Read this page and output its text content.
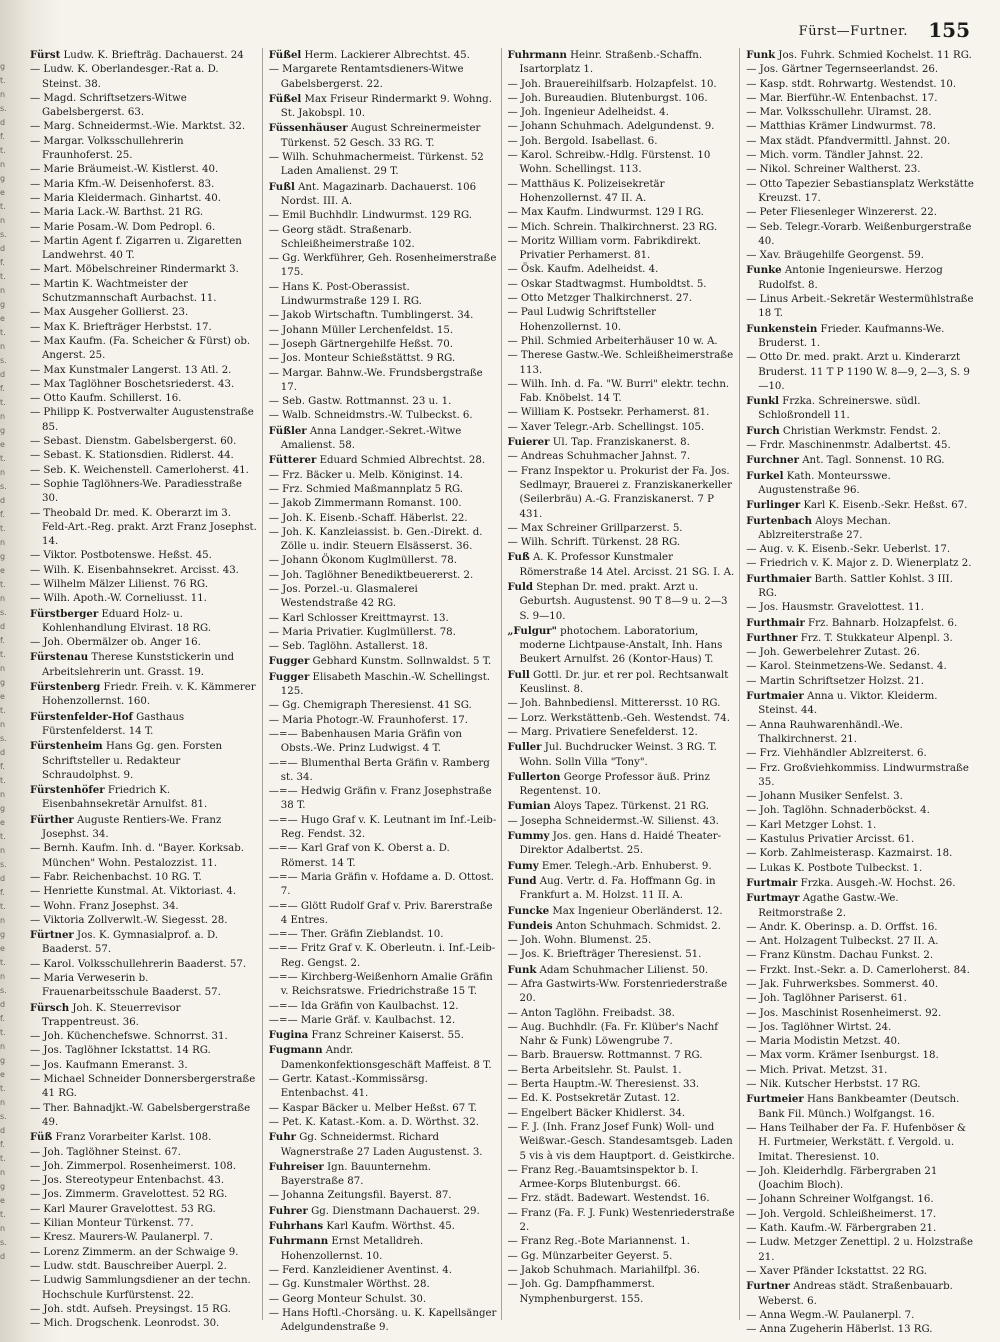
g
t.
n
s.
d
f.
t.
n
g
e
t.
n
s.
d
f.
t.
n
g
e
t.
n
s.
d
f.
t.
n
g
e
t.
n
s.
d
f.
t.
n
g
e
t.
n
s.
d
f.
t.
n
g
e
t.
n
s.
d
f.
t.
n
g
e
t.
n
s.
d
f.
t.
n
g
e
t.
n
s.
d
f.
t.
n
g
e
t.
n
s.
d
f.
t.
n
g
e
t.
n
s.
d
Fürst—Furtner. 155

Fürst Ludw. K. Briefträg. Dachauerst. 24

— Ludw. K. Oberlandesger.-Rat a. D. Steinst. 38.

— Magd. Schriftsetzers-Witwe Gabelsbergerst. 63.

— Marg. Schneidermst.-Wie. Marktst. 32.

— Margar. Volksschullehrerin Fraunhoferst. 25.

— Marie Bräumeist.-W. Kistlerst. 40.

— Maria Kfm.-W. Deisenhoferst. 83.

— Maria Kleidermach. Ginhartst. 40.

— Maria Lack.-W. Barthst. 21 RG.

— Marie Posam.-W. Dom Pedropl. 6.

— Martin Agent f. Zigarren u. Zigaretten Landwehrst. 40 T.

— Mart. Möbelschreiner Rindermarkt 3.

— Martin K. Wachtmeister der Schutzmannschaft Aurbachst. 11.

— Max Ausgeher Gollierst. 23.

— Max K. Briefträger Herbstst. 17.

— Max Kaufm. (Fa. Scheicher & Fürst) ob. Angerst. 25.

— Max Kunstmaler Langerst. 13 Atl. 2.

— Max Taglöhner Boschetsriederst. 43.

— Otto Kaufm. Schillerst. 16.

— Philipp K. Postverwalter Augustenstraße 85.

— Sebast. Dienstm. Gabelsbergerst. 60.

— Sebast. K. Stationsdien. Ridlerst. 44.

— Seb. K. Weichenstell. Camerloherst. 41.

— Sophie Taglöhners-We. Paradiesstraße 30.

— Theobald Dr. med. K. Oberarzt im 3. Feld-Art.-Reg. prakt. Arzt Franz Josephst. 14.

— Viktor. Postbotenswe. Heßst. 45.

— Wilh. K. Eisenbahnsekret. Arcisst. 43.

— Wilhelm Mälzer Lilienst. 76 RG.

— Wilh. Apoth.-W. Corneliusst. 11.

Fürstberger Eduard Holz- u. Kohlenhandlung Elvirast. 18 RG.

— Joh. Obermälzer ob. Anger 16.

Fürstenau Therese Kunststickerin und Arbeitslehrerin unt. Grasst. 19.

Fürstenberg Friedr. Freih. v. K. Kämmerer Hohenzollernst. 160.

Fürstenfelder-Hof Gasthaus Fürstenfelderst. 14 T.

Fürstenheim Hans Gg. gen. Forsten Schriftsteller u. Redakteur Schraudolphst. 9.

Fürstenhöfer Friedrich K. Eisenbahnsekretär Arnulfst. 81.

Fürther Auguste Rentiers-We. Franz Josephst. 34.

— Bernh. Kaufm. Inh. d. "Bayer. Korksab. München" Wohn. Pestalozzist. 11.

— Fabr. Reichenbachst. 10 RG. T.

— Henriette Kunstmal. At. Viktoriast. 4.

— Wohn. Franz Josephst. 34.

— Viktoria Zollverwlt.-W. Siegesst. 28.

Fürtner Jos. K. Gymnasialprof. a. D. Baaderst. 57.

— Karol. Volksschullehrerin Baaderst. 57.

— Maria Verweserin b. Frauenarbeitsschule Baaderst. 57.

Fürsch Joh. K. Steuerrevisor Trappentreust. 36.

— Joh. Küchenchefswe. Schnorrst. 31.

— Jos. Taglöhner Ickstattst. 14 RG.

— Jos. Kaufmann Emeranst. 3.

— Michael Schneider Donnersbergerstraße 41 RG.

— Ther. Bahnadjkt.-W. Gabelsbergerstraße 49.

Füß Franz Vorarbeiter Karlst. 108.

— Joh. Taglöhner Steinst. 67.

— Joh. Zimmerpol. Rosenheimerst. 108.

— Jos. Stereotypeur Entenbachst. 43.

— Jos. Zimmerm. Gravelottest. 52 RG.

— Karl Maurer Gravelottest. 53 RG.

— Kilian Monteur Türkenst. 77.

— Kresz. Maurers-W. Paulanerpl. 7.

— Lorenz Zimmerm. an der Schwaige 9.

— Ludw. stdt. Bauschreiber Auerpl. 2.

— Ludwig Sammlungsdiener an der techn. Hochschule Kurfürstenst. 22.

— Joh. stdt. Aufseh. Preysingst. 15 RG.

— Mich. Drogschenk. Leonrodst. 30.

Füßel Herm. Lackierer Albrechtst. 45.

— Margarete Rentamtsdieners-Witwe Gabelsbergerst. 22.

Füßel Max Friseur Rindermarkt 9. Wohng. St. Jakobspl. 10.

Füssenhäuser August Schreinermeister Türkenst. 52 Gesch. 33 RG. T.

— Wilh. Schuhmachermeist. Türkenst. 52 Laden Amalienst. 29 T.

Fußl Ant. Magazinarb. Dachauerst. 106 Nordst. III. A.

— Emil Buchhdlr. Lindwurmst. 129 RG.

— Georg städt. Straßenarb. Schleißheimerstraße 102.

— Gg. Werkführer, Geh. Rosenheimerstraße 175.

— Hans K. Post-Oberassist. Lindwurmstraße 129 I. RG.

— Jakob Wirtschaftn. Tumblingerst. 34.

— Johann Müller Lerchenfeldst. 15.

— Joseph Gärtnergehilfe Heßst. 70.

— Jos. Monteur Schießstättst. 9 RG.

— Margar. Bahnw.-We. Frundsbergstraße 17.

— Seb. Gastw. Rottmannst. 23 u. 1.

— Walb. Schneidmstrs.-W. Tulbeckst. 6.

Füßler Anna Landger.-Sekret.-Witwe Amalienst. 58.

Fütterer Eduard Schmied Albrechtst. 28.

— Frz. Bäcker u. Melb. Königinst. 14.

— Frz. Schmied Maßmannplatz 5 RG.

— Jakob Zimmermann Romanst. 100.

— Joh. K. Eisenb.-Schaff. Häberlst. 22.

— Joh. K. Kanzleiassist. b. Gen.-Direkt. d. Zölle u. indir. Steuern Elsässerst. 36.

— Johann Ökonom Kuglmüllerst. 78.

— Joh. Taglöhner Benediktbeuererst. 2.

— Jos. Porzel.-u. Glasmalerei Westendstraße 42 RG.

— Karl Schlosser Kreittmayrst. 13.

— Maria Privatier. Kuglmüllerst. 78.

— Seb. Taglöhn. Astallerst. 18.

Fugger Gebhard Kunstm. Sollnwaldst. 5 T.

Fugger Elisabeth Maschin.-W. Schellingst. 125.

— Gg. Chemigraph Theresienst. 41 SG.

— Maria Photogr.-W. Fraunhoferst. 17.

—=— Babenhausen Maria Gräfin von Obsts.-We. Prinz Ludwigst. 4 T.

—=— Blumenthal Berta Gräfin v. Ramberg st. 34.

—=— Hedwig Gräfin v. Franz Josephstraße 38 T.

—=— Hugo Graf v. K. Leutnant im Inf.-Leib-Reg. Fendst. 32.

—=— Karl Graf von K. Oberst a. D. Römerst. 14 T.

—=— Maria Gräfin v. Hofdame a. D. Ottost. 7.

—=— Glött Rudolf Graf v. Priv. Barerstraße 4 Entres.

—=— Ther. Gräfin Zieblandst. 10.

—=— Fritz Graf v. K. Oberleutn. i. Inf.-Leib-Reg. Gengst. 2.

—=— Kirchberg-Weißenhorn Amalie Gräfin v. Reichsratswe. Friedrichstraße 15 T.

—=— Ida Gräfin von Kaulbachst. 12.

—=— Marie Gräf. v. Kaulbachst. 12.

Fugina Franz Schreiner Kaiserst. 55.

Fugmann Andr. Damenkonfektionsgeschäft Maffeist. 8 T.

— Gertr. Katast.-Kommissärsg. Entenbachst. 41.

— Kaspar Bäcker u. Melber Heßst. 67 T.

— Pet. K. Katast.-Kom. a. D. Wörthst. 32.

Fuhr Gg. Schneidermst. Richard Wagnerstraße 27 Laden Augustenst. 3.

Fuhreiser Ign. Bauunternehm. Bayerstraße 87.

— Johanna Zeitungsfil. Bayerst. 87.

Fuhrer Gg. Dienstmann Dachauerst. 29.

Fuhrhans Karl Kaufm. Wörthst. 45.

Fuhrmann Ernst Metalldreh. Hohenzollernst. 10.

— Ferd. Kanzleidiener Aventinst. 4.

— Gg. Kunstmaler Wörthst. 28.

— Georg Monteur Schulst. 30.

— Hans Hoftl.-Chorsäng. u. K. Kapellsänger Adelgundenstraße 9.

Fuhrmann Heinr. Straßenb.-Schaffn. Isartorplatz 1.

— Joh. Brauereihilfsarb. Holzapfelst. 10.

— Joh. Bureaudien. Blutenburgst. 106.

— Joh. Ingenieur Adelheidst. 4.

— Johann Schuhmach. Adelgundenst. 9.

— Joh. Bergold. Isabellast. 6.

— Karol. Schreibw.-Hdlg. Fürstenst. 10 Wohn. Schellingst. 113.

— Matthäus K. Polizeisekretär Hohenzollernst. 47 II. A.

— Max Kaufm. Lindwurmst. 129 I RG.

— Mich. Schrein. Thalkirchnerst. 23 RG.

— Moritz William vorm. Fabrikdirekt. Privatier Perhamerst. 81.

— Ösk. Kaufm. Adelheidst. 4.

— Oskar Stadtwagmst. Humboldtst. 5.

— Otto Metzger Thalkirchnerst. 27.

— Paul Ludwig Schriftsteller Hohenzollernst. 10.

— Phil. Schmied Arbeiterhäuser 10 w. A.

— Therese Gastw.-We. Schleißheimerstraße 113.

— Wilh. Inh. d. Fa. "W. Burri" elektr. techn. Fab. Knöbelst. 14 T.

— William K. Postsekr. Perhamerst. 81.

— Xaver Telegr.-Arb. Schellingst. 105.

Fuierer Ul. Tap. Franziskanerst. 8.

— Andreas Schuhmacher Jahnst. 7.

— Franz Inspektor u. Prokurist der Fa. Jos. Sedlmayr, Brauerei z. Franziskanerkeller (Seilerbräu) A.-G. Franziskanerst. 7 P 431.

— Max Schreiner Grillparzerst. 5.

— Wilh. Schrift. Türkenst. 28 RG.

Fuß A. K. Professor Kunstmaler Römerstraße 14 Atel. Arcisst. 21 SG. I. A.

Fuld Stephan Dr. med. prakt. Arzt u. Geburtsh. Augustenst. 90 T 8—9 u. 2—3 S. 9—10.

„Fulgur" photochem. Laboratorium, moderne Lichtpause-Anstalt, Inh. Hans Beukert Arnulfst. 26 (Kontor-Haus) T.

Full Gottl. Dr. jur. et rer pol. Rechtsanwalt Keuslinst. 8.

— Joh. Bahnbediensl. Mitterersst. 10 RG.

— Lorz. Werkstättenb.-Geh. Westendst. 74.

— Marg. Privatiere Senefelderst. 12.

Fuller Jul. Buchdrucker Weinst. 3 RG. T. Wohn. Solln Villa "Tony".

Fullerton George Professor äuß. Prinz Regentenst. 10.

Fumian Aloys Tapez. Türkenst. 21 RG.

— Josepha Schneidermst.-W. Silienst. 43.

Fummy Jos. gen. Hans d. Haidé Theater-Direktor Adalbertst. 25.

Fumy Emer. Telegh.-Arb. Enhuberst. 9.

Fund Aug. Vertr. d. Fa. Hoffmann Gg. in Frankfurt a. M. Holzst. 11 II. A.

Funcke Max Ingenieur Oberländerst. 12.

Fundeis Anton Schuhmach. Schmidst. 2.

— Joh. Wohn. Blumenst. 25.

— Jos. K. Briefträger Theresienst. 51.

Funk Adam Schuhmacher Lilienst. 50.

— Afra Gastwirts-Ww. Forstenriederstraße 20.

— Anton Taglöhn. Freibadst. 38.

— Aug. Buchhdlr. (Fa. Fr. Klüber's Nachf Nahr & Funk) Löwengrube 7.

— Barb. Brauersw. Rottmannst. 7 RG.

— Berta Arbeitslehr. St. Paulst. 1.

— Berta Hauptm.-W. Theresienst. 33.

— Ed. K. Postsekretär Zutast. 12.

— Engelbert Bäcker Khidlerst. 34.

— F. J. (Inh. Franz Josef Funk) Woll- und Weißwar.-Gesch. Standesamtsgeb. Laden 5 vis à vis dem Hauptport. d. Geistkirche.

— Franz Reg.-Bauamtsinspektor b. I. Armee-Korps Blutenburgst. 66.

— Frz. städt. Badewart. Westendst. 16.

— Franz (Fa. F. J. Funk) Westenriederstraße 2.

— Franz Reg.-Bote Mariannenst. 1.

— Gg. Münzarbeiter Geyerst. 5.

— Jakob Schuhmach. Mariahilfpl. 36.

— Joh. Gg. Dampfhammerst. Nymphenburgerst. 155.

Funk Jos. Fuhrk. Schmied Kochelst. 11 RG.

— Jos. Gärtner Tegernseerlandst. 26.

— Kasp. stdt. Rohrwartg. Westendst. 10.

— Mar. Bierführ.-W. Entenbachst. 17.

— Mar. Volksschullehr. Ulramst. 28.

— Matthias Krämer Lindwurmst. 78.

— Max städt. Pfandvermittl. Jahnst. 20.

— Mich. vorm. Tändler Jahnst. 22.

— Nikol. Schreiner Waltherst. 23.

— Otto Tapezier Sebastiansplatz Werkstätte Kreuzst. 17.

— Peter Fliesenleger Winzererst. 22.

— Seb. Telegr.-Vorarb. Weißenburgerstraße 40.

— Xav. Bräugehilfe Georgenst. 59.

Funke Antonie Ingenieurswe. Herzog Rudolfst. 8.

— Linus Arbeit.-Sekretär Westermühlstraße 18 T.

Funkenstein Frieder. Kaufmanns-We. Bruderst. 1.

— Otto Dr. med. prakt. Arzt u. Kinderarzt Bruderst. 11 T P 1190 W. 8—9, 2—3, S. 9—10.

Funkl Frzka. Schreinerswe. südl. Schloßrondell 11.

Furch Christian Werkmstr. Fendst. 2.

— Frdr. Maschinenmstr. Adalbertst. 45.

Furchner Ant. Tagl. Sonnenst. 10 RG.

Furkel Kath. Monteursswe. Augustenstraße 96.

Furlinger Karl K. Eisenb.-Sekr. Heßst. 67.

Furtenbach Aloys Mechan. Ablzreiterstraße 27.

— Aug. v. K. Eisenb.-Sekr. Ueberlst. 17.

— Friedrich v. K. Major z. D. Wienerplatz 2.

Furthmaier Barth. Sattler Kohlst. 3 III. RG.

— Jos. Hausmstr. Gravelottest. 11.

Furthmair Frz. Bahnarb. Holzapfelst. 6.

Furthner Frz. T. Stukkateur Alpenpl. 3.

— Joh. Gewerbelehrer Zutast. 26.

— Karol. Steinmetzens-We. Sedanst. 4.

— Martin Schriftsetzer Holzst. 21.

Furtmaier Anna u. Viktor. Kleiderm. Steinst. 44.

— Anna Rauhwarenhändl.-We. Thalkirchnerst. 21.

— Frz. Viehhändler Ablzreiterst. 6.

— Frz. Großviehkommiss. Lindwurmstraße 35.

— Johann Musiker Senfelst. 3.

— Joh. Taglöhn. Schnaderböckst. 4.

— Karl Metzger Lohst. 1.

— Kastulus Privatier Arcisst. 61.

— Korb. Zahlmeisterasp. Kazmairst. 18.

— Lukas K. Postbote Tulbeckst. 1.

Furtmair Frzka. Ausgeh.-W. Hochst. 26.

Furtmayr Agathe Gastw.-We. Reitmorstraße 2.

— Andr. K. Oberinsp. a. D. Orffst. 16.

— Ant. Holzagent Tulbeckst. 27 II. A.

— Franz Künstm. Dachau Funkst. 2.

— Frzkt. Inst.-Sekr. a. D. Camerloherst. 84.

— Jak. Fuhrwerksbes. Sommerst. 40.

— Joh. Taglöhner Pariserst. 61.

— Jos. Maschinist Rosenheimerst. 92.

— Jos. Taglöhner Wirtst. 24.

— Maria Modistin Metzst. 40.

— Max vorm. Krämer Isenburgst. 18.

— Mich. Privat. Metzst. 31.

— Nik. Kutscher Herbstst. 17 RG.

Furtmeier Hans Bankbeamter (Deutsch. Bank Fil. Münch.) Wolfgangst. 16.

— Hans Teilhaber der Fa. F. Hufenböser & H. Furtmeier, Werkstätt. f. Vergold. u. Imitat. Theresienst. 10.

— Joh. Kleiderhdlg. Färbergraben 21 (Joachim Bloch).

— Johann Schreiner Wolfgangst. 16.

— Joh. Vergold. Schleißheimerst. 17.

— Kath. Kaufm.-W. Färbergraben 21.

— Ludw. Metzger Zenettipl. 2 u. Holzstraße 21.

— Xaver Pfänder Ickstattst. 22 RG.

Furtner Andreas städt. Straßenbauarb. Weberst. 6.

— Anna Wegm.-W. Paulanerpl. 7.

— Anna Zugeherin Häberlst. 13 RG.
